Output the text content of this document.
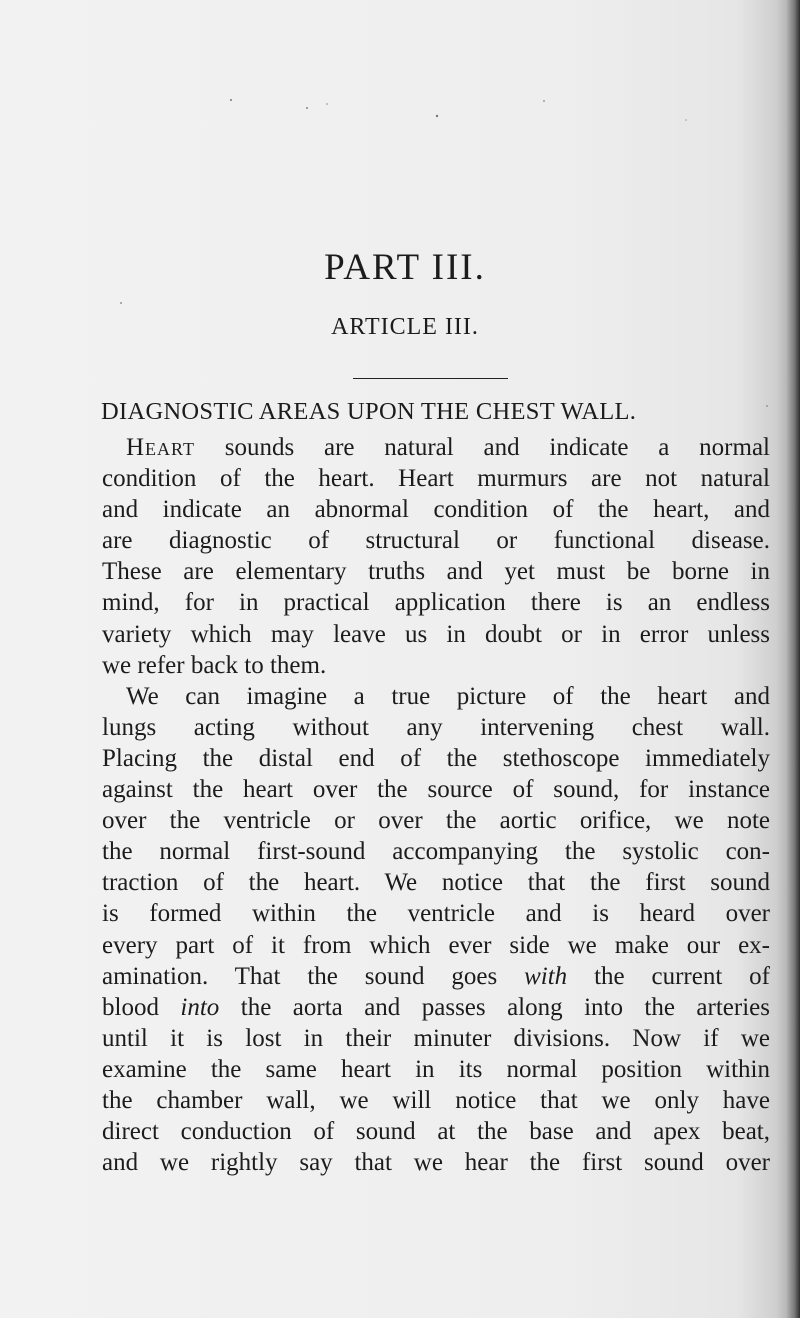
PART III.
ARTICLE III.
DIAGNOSTIC AREAS UPON THE CHEST WALL.

Heart sounds are natural and indicate a normal
condition of the heart. Heart murmurs are not natural
and indicate an abnormal condition of the heart, and
are diagnostic of structural or functional disease.
These are elementary truths and yet must be borne in
mind, for in practical application there is an endless
variety which may leave us in doubt or in error unless
we refer back to them.

We can imagine a true picture of the heart and
lungs acting without any intervening chest wall.
Placing the distal end of the stethoscope immediately
against the heart over the source of sound, for instance
over the ventricle or over the aortic orifice, we note
the normal first-sound accompanying the systolic con-
traction of the heart. We notice that the first sound
is formed within the ventricle and is heard over
every part of it from which ever side we make our ex-
amination. That the sound goes with the current of
blood into the aorta and passes along into the arteries
until it is lost in their minuter divisions. Now if we
examine the same heart in its normal position within
the chamber wall, we will notice that we only have
direct conduction of sound at the base and apex beat,
and we rightly say that we hear the first sound over
